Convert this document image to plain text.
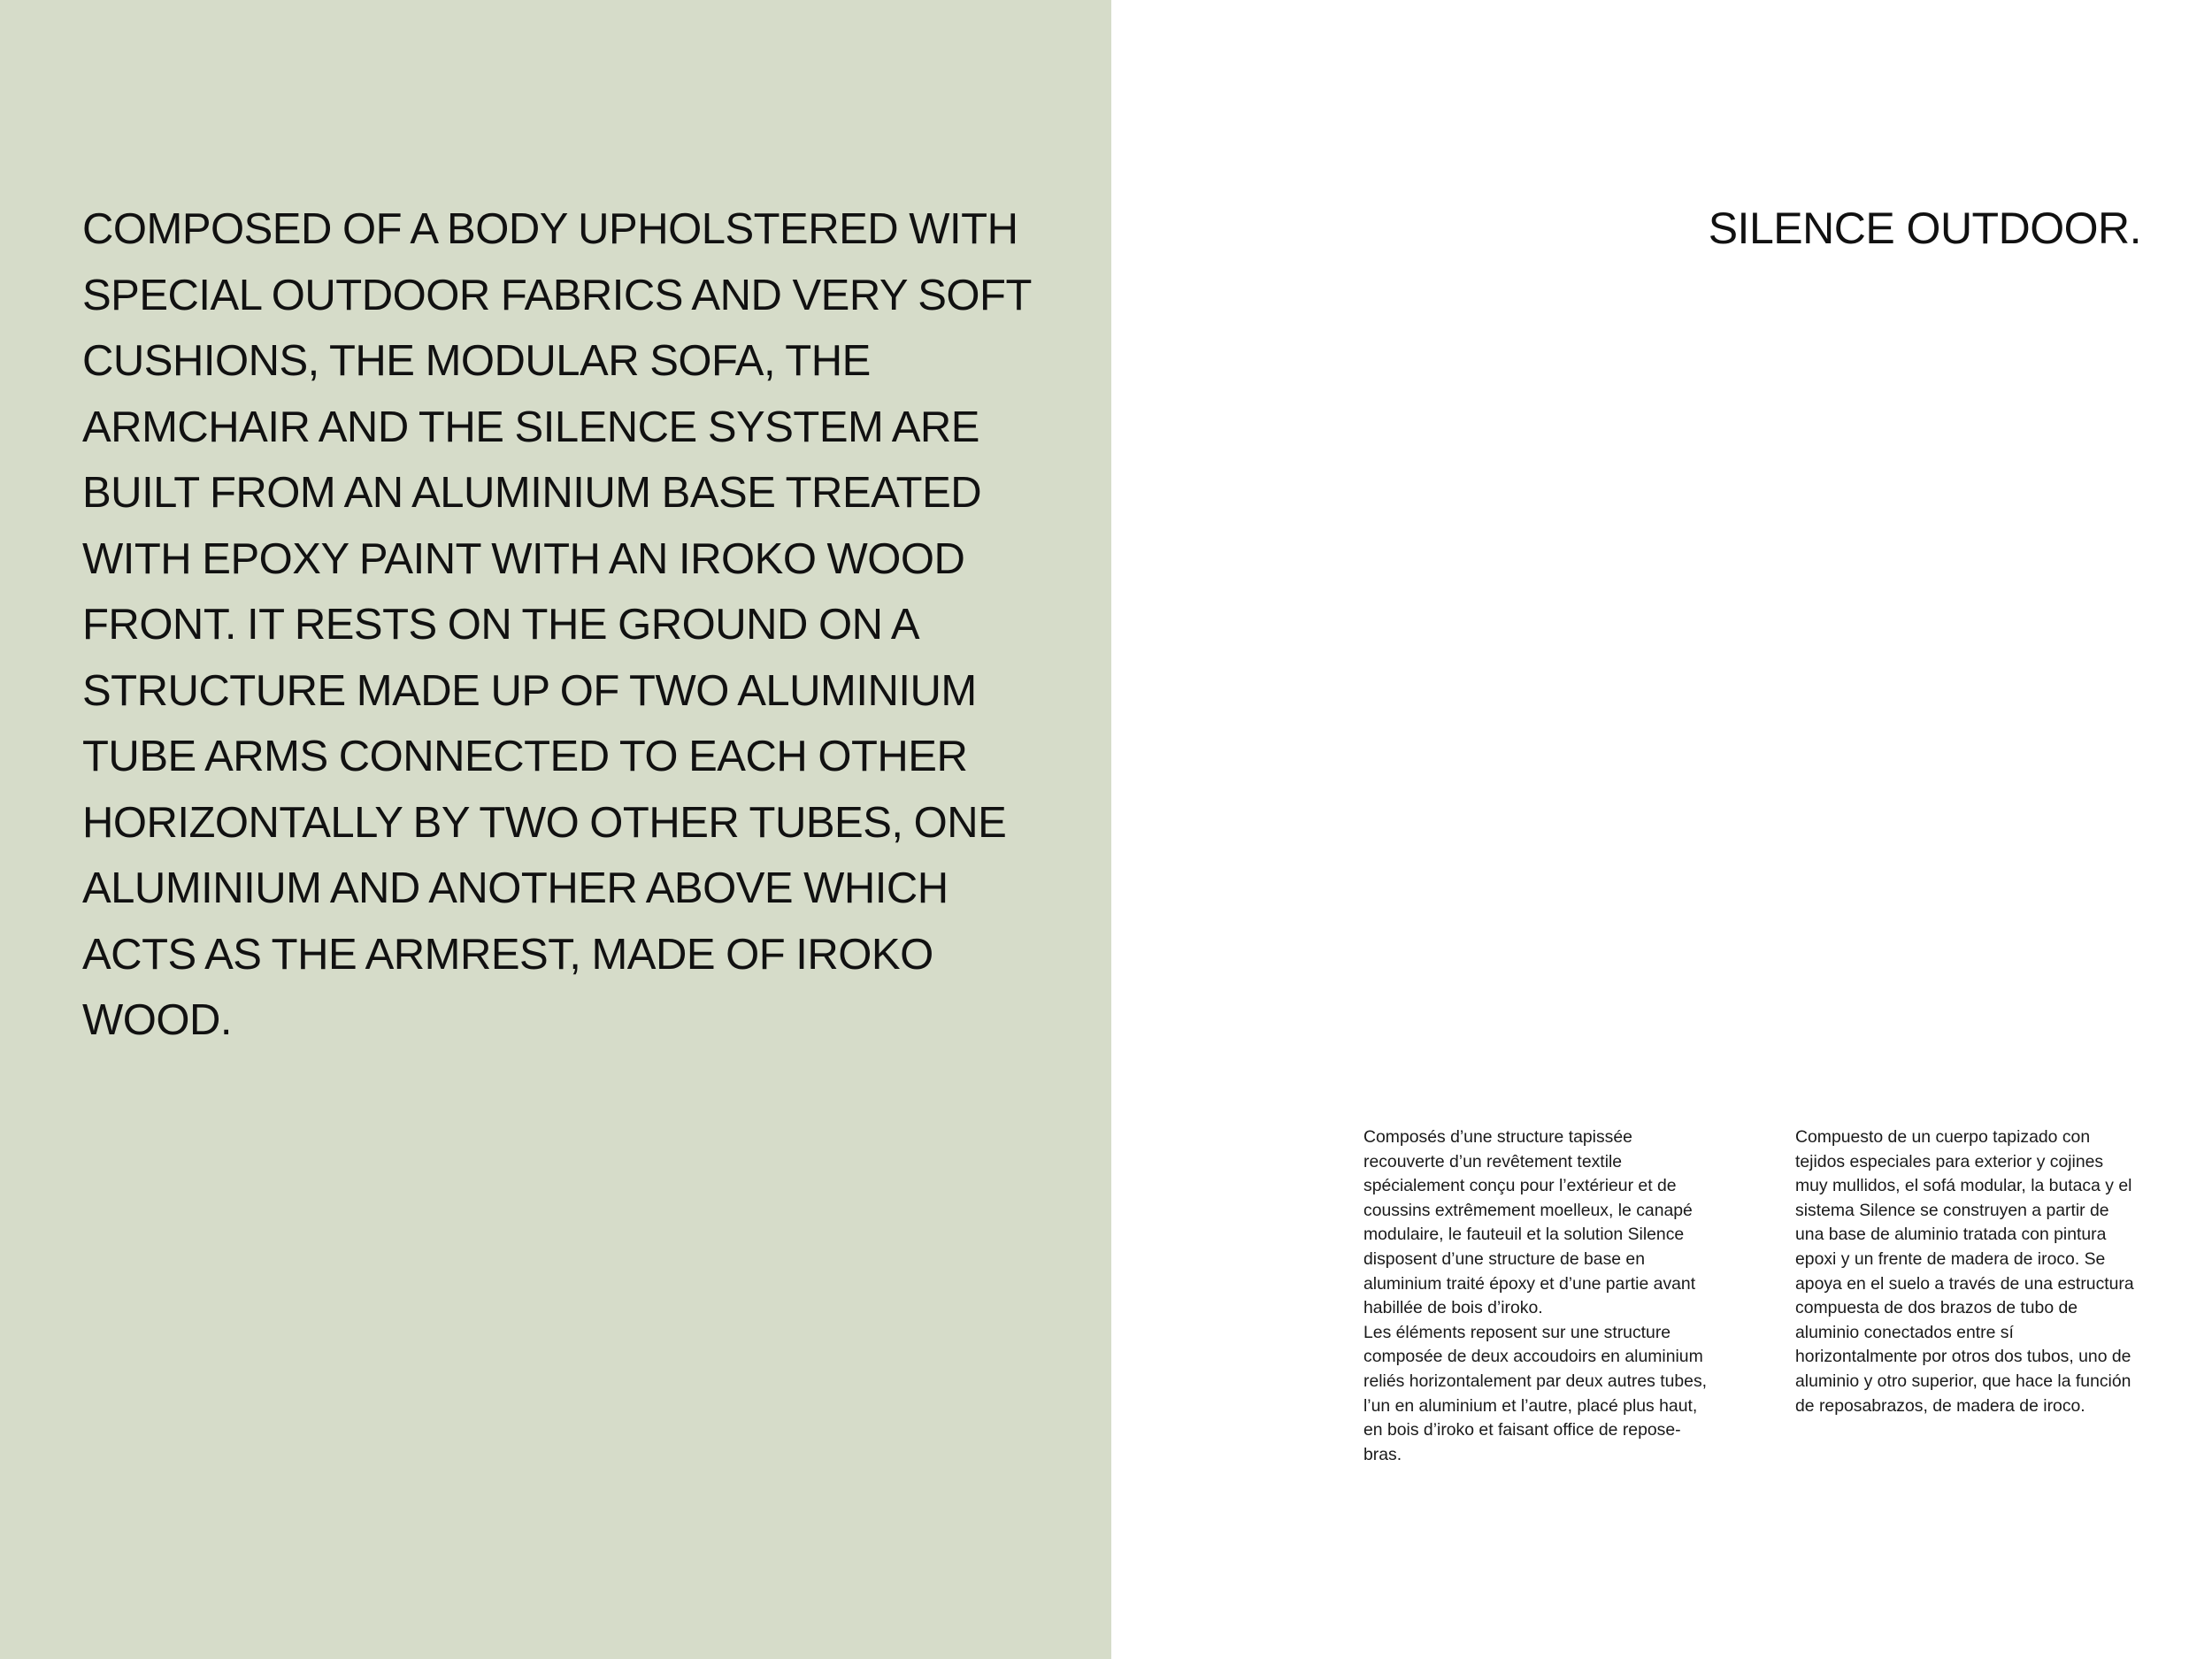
COMPOSED OF A BODY UPHOLSTERED WITH SPECIAL OUTDOOR FABRICS AND VERY SOFT CUSHIONS, THE MODULAR SOFA, THE ARMCHAIR AND THE SILENCE SYSTEM ARE BUILT FROM AN ALUMINIUM BASE TREATED WITH EPOXY PAINT WITH AN IROKO WOOD FRONT. IT RESTS ON THE GROUND ON A STRUCTURE MADE UP OF TWO ALUMINIUM TUBE ARMS CONNECTED TO EACH OTHER HORIZONTALLY BY TWO OTHER TUBES, ONE ALUMINIUM AND ANOTHER ABOVE WHICH ACTS AS THE ARMREST, MADE OF IROKO WOOD.

SILENCE OUTDOOR.

Composés d’une structure tapissée recouverte d’un revêtement textile spécialement conçu pour l’extérieur et de coussins extrêmement moelleux, le canapé modulaire, le fauteuil et la solution Silence disposent d’une structure de base en aluminium traité époxy et d’une partie avant habillée de bois d’iroko.

Les éléments reposent sur une structure composée de deux accoudoirs en aluminium reliés horizontalement par deux autres tubes, l’un en aluminium et l’autre, placé plus haut, en bois d’iroko et faisant office de repose-bras.

Compuesto de un cuerpo tapizado con tejidos especiales para exterior y cojines muy mullidos, el sofá modular, la butaca y el sistema Silence se construyen a partir de una base de aluminio tratada con pintura epoxi y un frente de madera de iroco. Se apoya en el suelo a través de una estructura compuesta de dos brazos de tubo de aluminio conectados entre sí horizontalmente por otros dos tubos, uno de aluminio y otro superior, que hace la función de reposabrazos, de madera de iroco.
